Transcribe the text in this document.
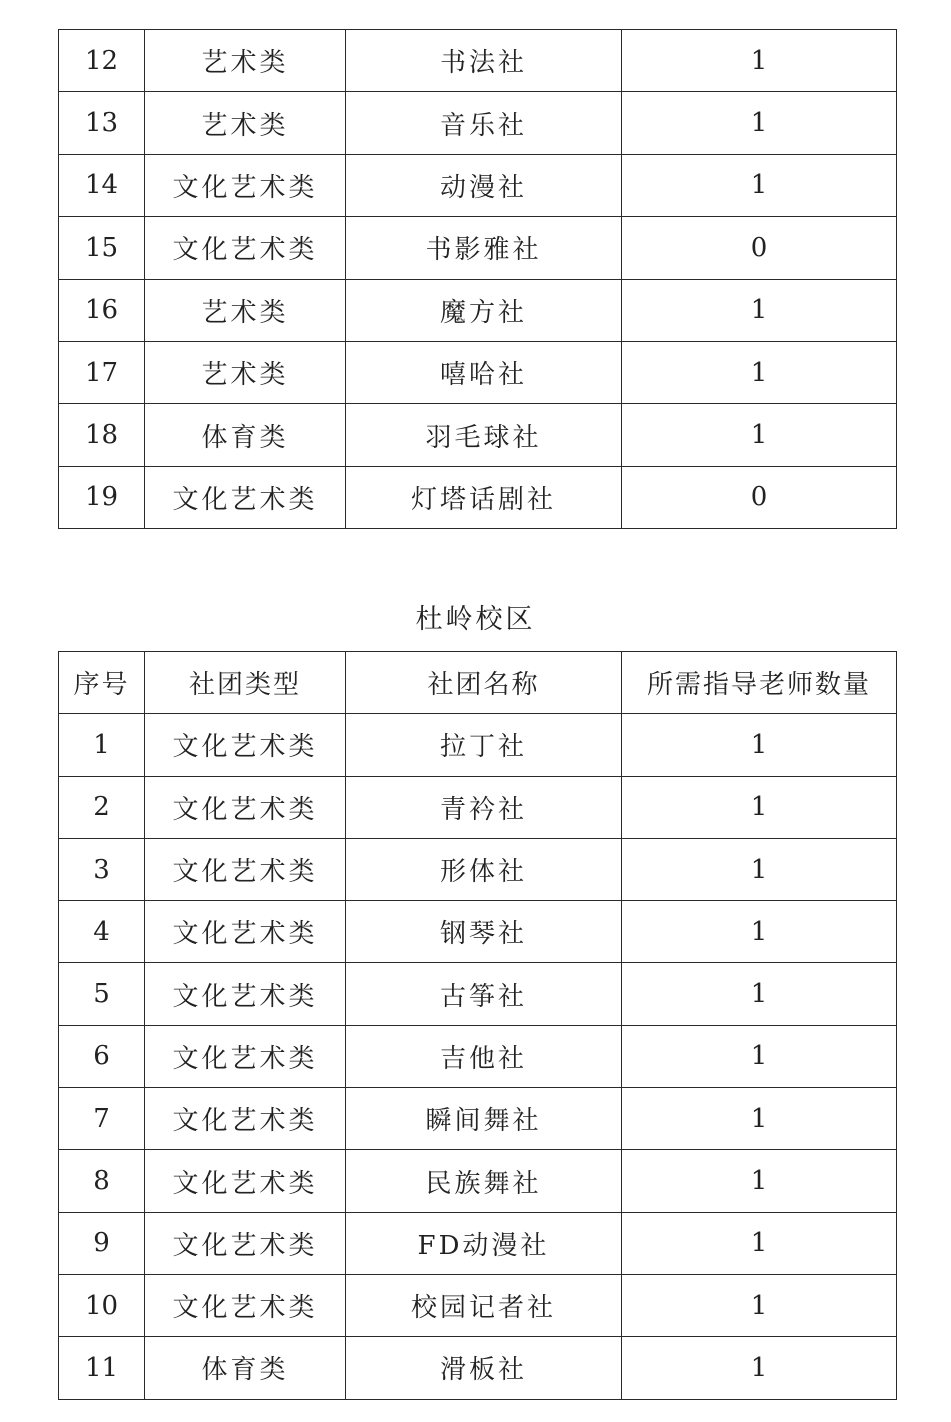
12	艺术类	书法社	1
13	艺术类	音乐社	1
14	文化艺术类	动漫社	1
15	文化艺术类	书影雅社	0
16	艺术类	魔方社	1
17	艺术类	嘻哈社	1
18	体育类	羽毛球社	1
19	文化艺术类	灯塔话剧社	0
杜岭校区
序号	社团类型	社团名称	所需指导老师数量
1	文化艺术类	拉丁社	1
2	文化艺术类	青衿社	1
3	文化艺术类	形体社	1
4	文化艺术类	钢琴社	1
5	文化艺术类	古筝社	1
6	文化艺术类	吉他社	1
7	文化艺术类	瞬间舞社	1
8	文化艺术类	民族舞社	1
9	文化艺术类	FD动漫社	1
10	文化艺术类	校园记者社	1
11	体育类	滑板社	1
